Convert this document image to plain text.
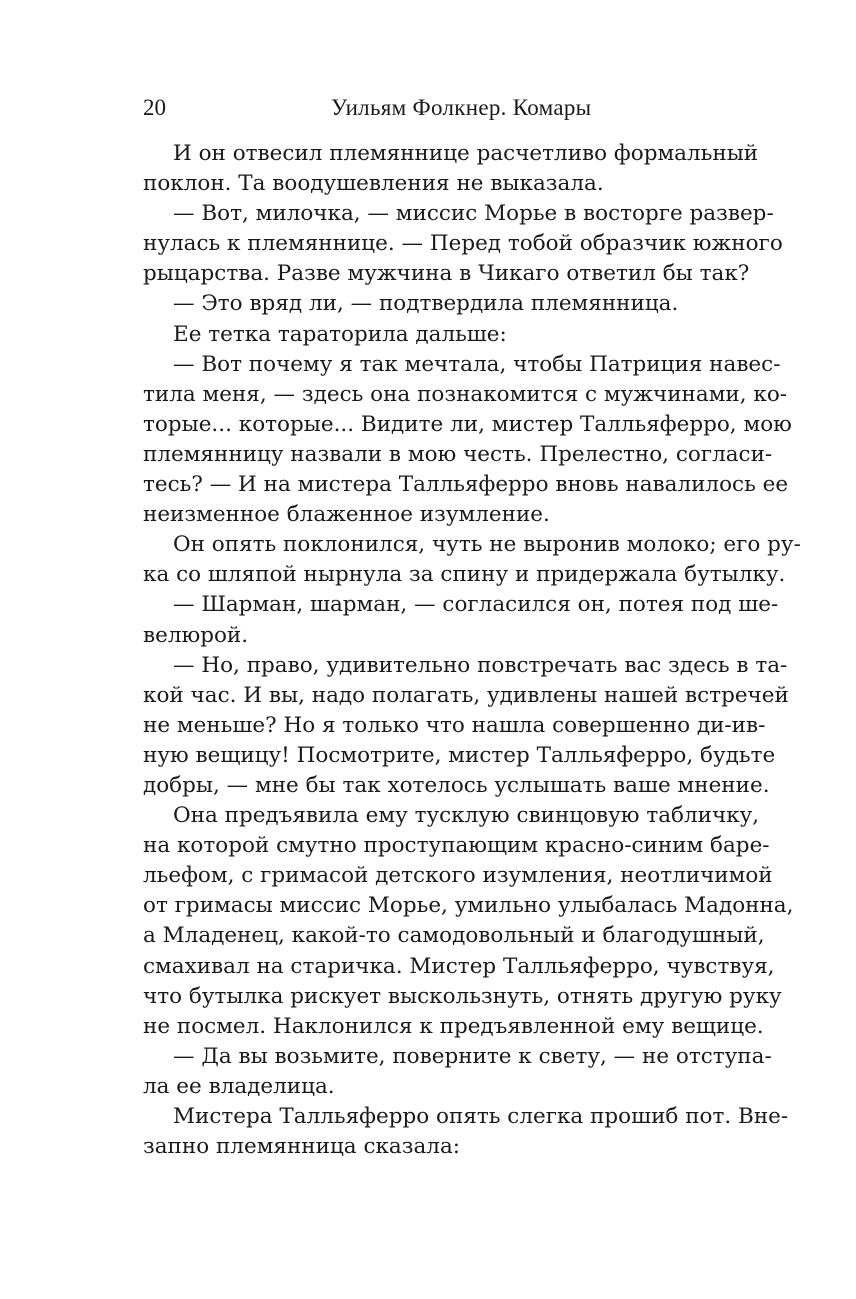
20	Уильям Фолкнер. Комары
И он отвесил племяннице расчетливо формальный
поклон. Та воодушевления не выказала.
— Вот, милочка, — миссис Морье в восторге развер-
нулась к племяннице. — Перед тобой образчик южного
рыцарства. Разве мужчина в Чикаго ответил бы так?
— Это вряд ли, — подтвердила племянница.
Ее тетка тараторила дальше:
— Вот почему я так мечтала, чтобы Патриция навес-
тила меня, — здесь она познакомится с мужчинами, ко-
торые... которые... Видите ли, мистер Талльяферро, мою
племянницу назвали в мою честь. Прелестно, согласи-
тесь? — И на мистера Талльяферро вновь навалилось ее
неизменное блаженное изумление.
Он опять поклонился, чуть не выронив молоко; его ру-
ка со шляпой нырнула за спину и придержала бутылку.
— Шарман, шарман, — согласился он, потея под ше-
велюрой.
— Но, право, удивительно повстречать вас здесь в та-
кой час. И вы, надо полагать, удивлены нашей встречей
не меньше? Но я только что нашла совершенно ди-ив-
ную вещицу! Посмотрите, мистер Талльяферро, будьте
добры, — мне бы так хотелось услышать ваше мнение.
Она предъявила ему тусклую свинцовую табличку,
на которой смутно проступающим красно-синим баре-
льефом, с гримасой детского изумления, неотличимой
от гримасы миссис Морье, умильно улыбалась Мадонна,
а Младенец, какой-то самодовольный и благодушный,
смахивал на старичка. Мистер Талльяферро, чувствуя,
что бутылка рискует выскользнуть, отнять другую руку
не посмел. Наклонился к предъявленной ему вещице.
— Да вы возьмите, поверните к свету, — не отступа-
ла ее владелица.
Мистера Талльяферро опять слегка прошиб пот. Вне-
запно племянница сказала:
